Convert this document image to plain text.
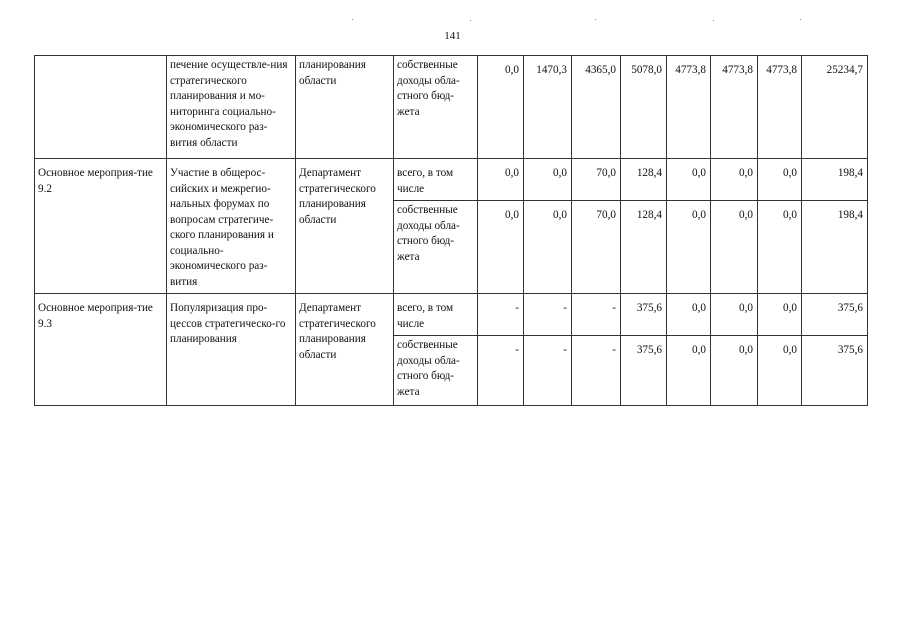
141
	печение осуществле-ния стратегического планирования и мо-ниторинга социально-экономического раз-вития области	планирования области	собственные доходы обла-стного бюд-жета	0,0	1470,3	4365,0	5078,0	4773,8	4773,8	4773,8	25234,7
Основное мероприя-тие 9.2	Участие в общерос-сийских и межрегио-нальных форумах по вопросам стратегиче-ского планирования и социально-экономического раз-вития	Департамент стратегического планирования области	всего, в том числе	0,0	0,0	70,0	128,4	0,0	0,0	0,0	198,4
			собственные доходы обла-стного бюд-жета	0,0	0,0	70,0	128,4	0,0	0,0	0,0	198,4
Основное мероприя-тие 9.3	Популяризация про-цессов стратегическо-го планирования	Департамент стратегического планирования области	всего, в том числе	-	-	-	375,6	0,0	0,0	0,0	375,6
			собственные доходы обла-стного бюд-жета	-	-	-	375,6	0,0	0,0	0,0	375,6
